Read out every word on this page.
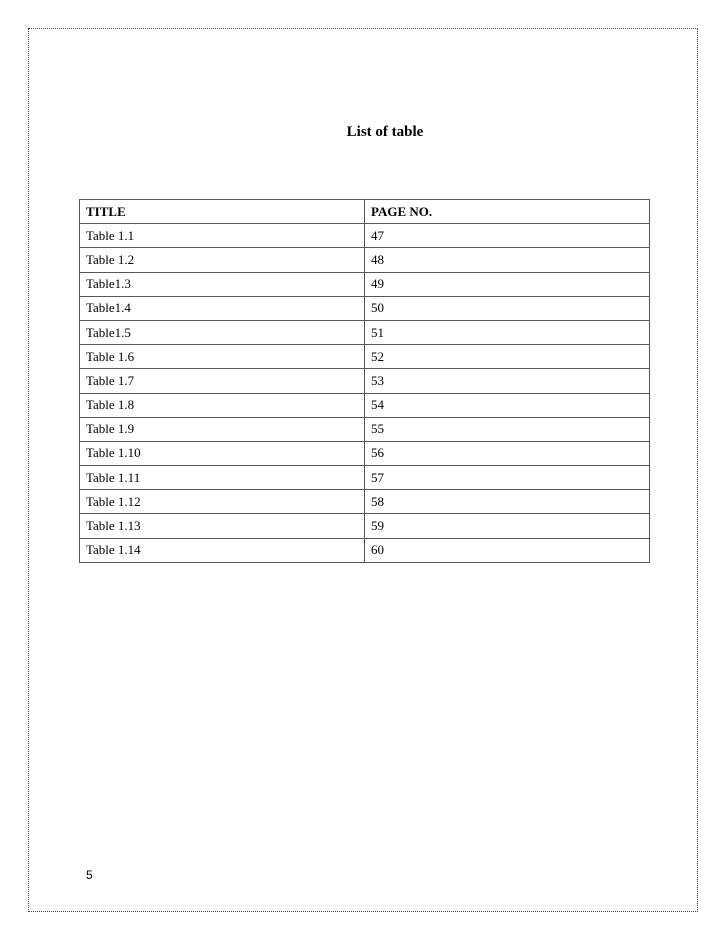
List of table
TITLE	PAGE NO.
Table 1.1	47
Table 1.2	48
Table1.3	49
Table1.4	50
Table1.5	51
Table 1.6	52
Table 1.7	53
Table 1.8	54
Table 1.9	55
Table 1.10	56
Table 1.11	57
Table 1.12	58
Table 1.13	59
Table 1.14	60
5
